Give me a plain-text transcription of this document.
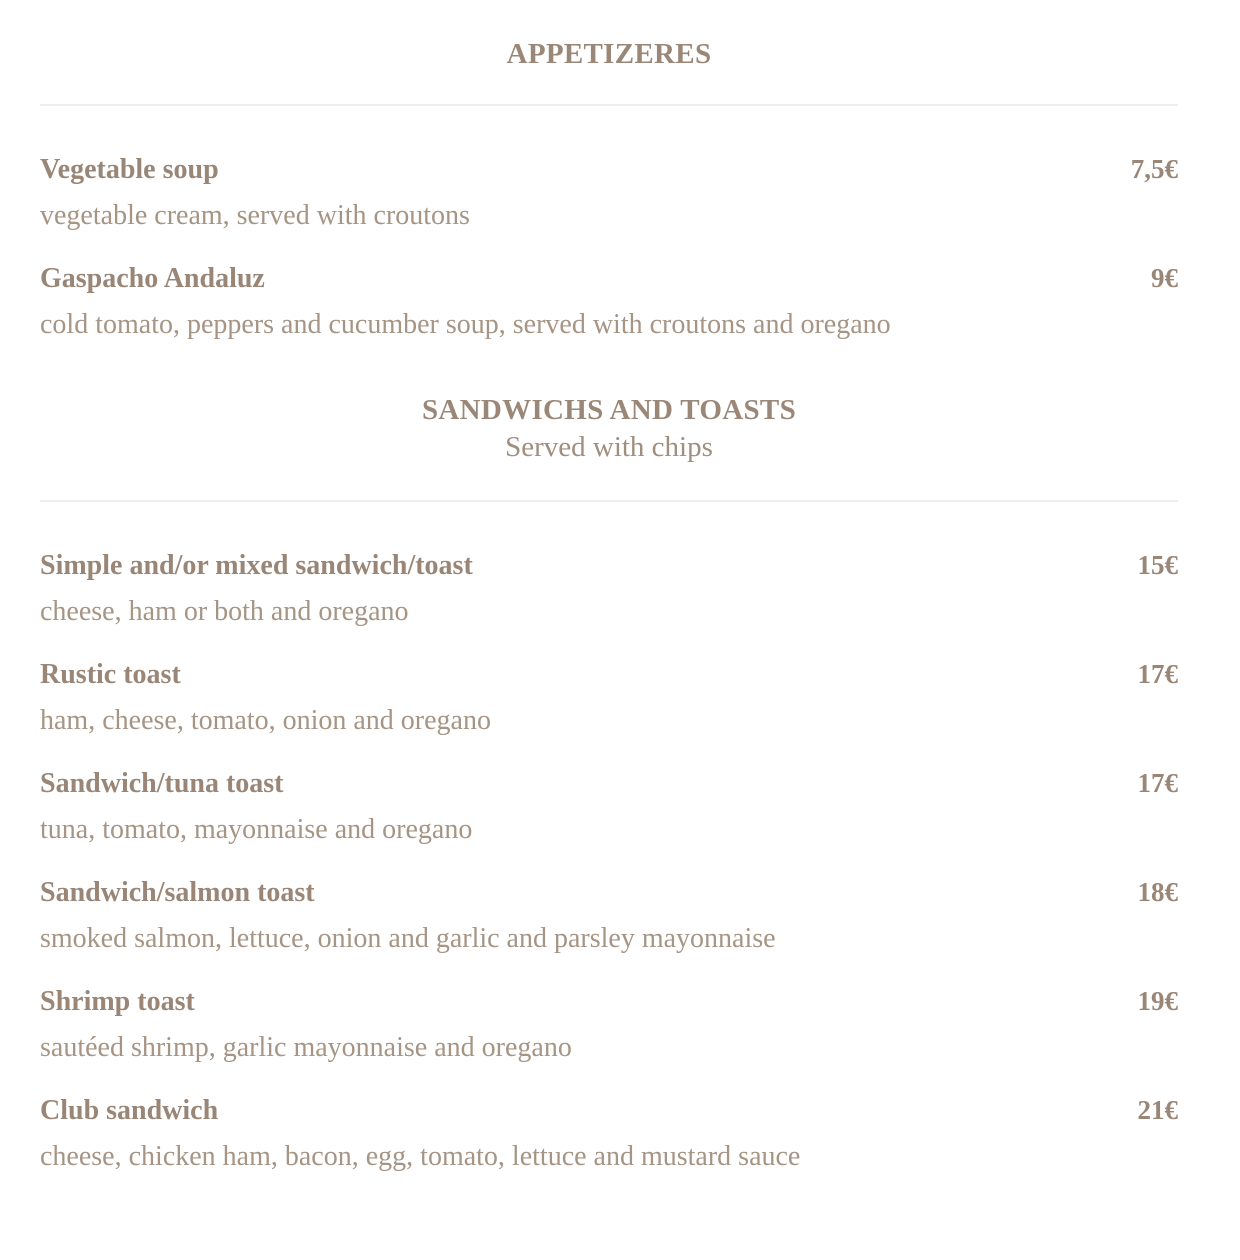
APPETIZERES
Vegetable soup	7,5€

vegetable cream, served with croutons

Gaspacho Andaluz	9€

cold tomato, peppers and cucumber soup, served with croutons and oregano

SANDWICHS AND TOASTS

Served with chips

Simple and/or mixed sandwich/toast	15€

cheese, ham or both and oregano

Rustic toast	17€

ham, cheese, tomato, onion and oregano

Sandwich/tuna toast	17€

tuna, tomato, mayonnaise and oregano

Sandwich/salmon toast	18€

smoked salmon, lettuce, onion and garlic and parsley mayonnaise

Shrimp toast	19€

sautéed shrimp, garlic mayonnaise and oregano

Club sandwich	21€

cheese, chicken ham, bacon, egg, tomato, lettuce and mustard sauce
